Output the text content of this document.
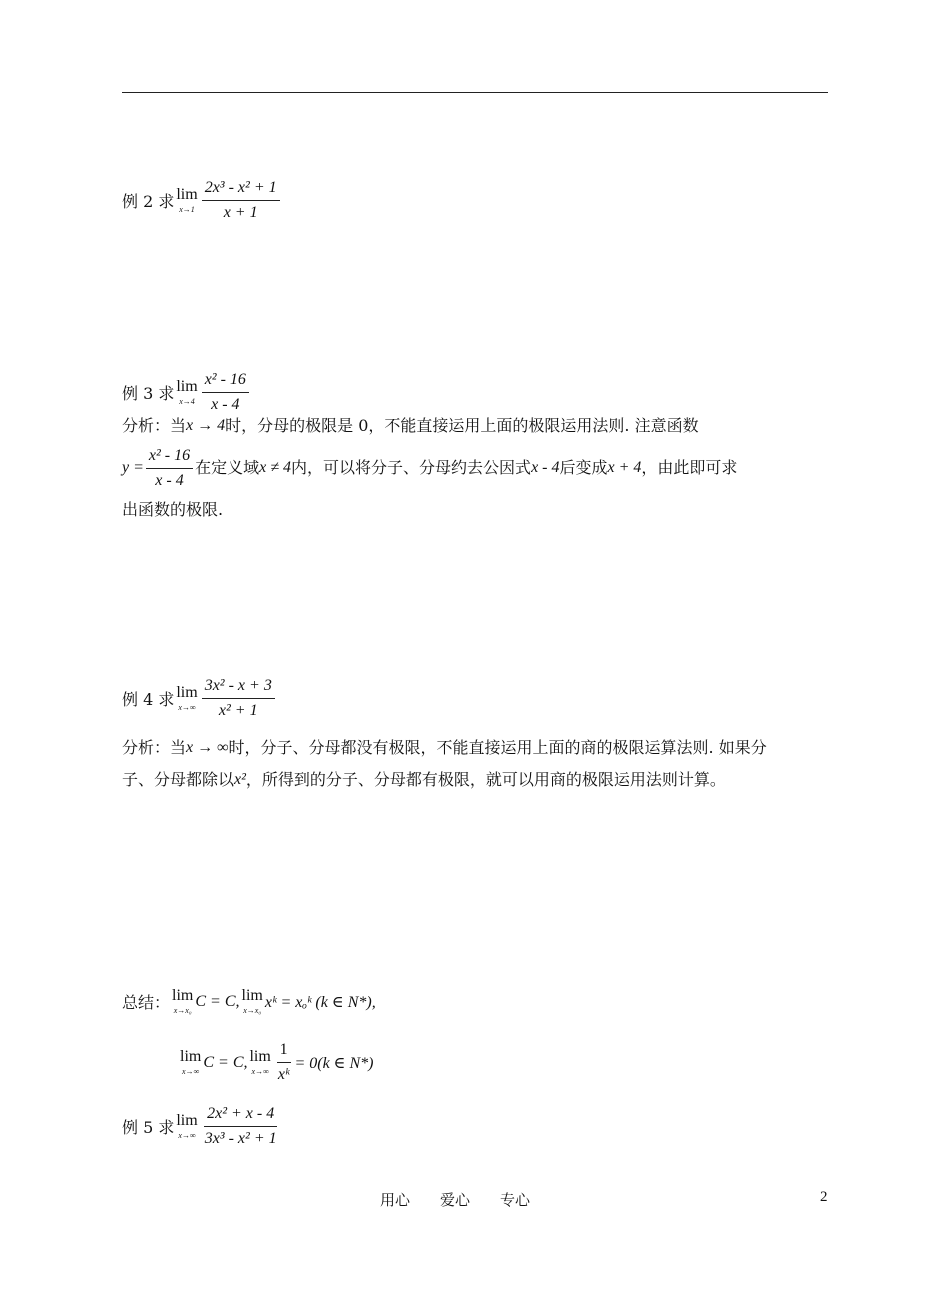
例 2 求 lim
$x\to 1 \frac{\text{2x³ - x² + 1}}{x + 1}$
例 3 求 lim
$x\to 4 \frac{\text{x² - 16}}{x - 4}$
分析：当 x → 4 时，分母的极限是 0，不能直接运用上面的极限运用法则. 注意函数
$y = \frac{\text{x² - 16}}{x - 4}$ 在定义域 x ≠ 4 内，可以将分子、分母约去公因式 x - 4 后变成 x + 4 ，由此即可求
出函数的极限.
例 4 求 lim
$x\to\infty \frac{\text{3x² - x + 3}}{\text{x² + 1}}$
分析：当 x → ∞ 时，分子、分母都没有极限，不能直接运用上面的商的极限运算法则. 如果分
子、分母都除以 x² ，所得到的分子、分母都有极限，就可以用商的极限运用法则计算。
总结： lim
x→x₀
C = C, lim
x→x₀ xᵏ = xₒᵏ (k ∈ N*),
lim
x→∞
C = C, lim
$x\to\infty \frac{1}{\text{xᵏ}} = 0(k$ ∈ N*)
例 5 求 lim
$x\to\infty \frac{\text{2x² + x - 4}}{\text{3x³ - x² + 1}}$
用心　　爱心　　专心	2
